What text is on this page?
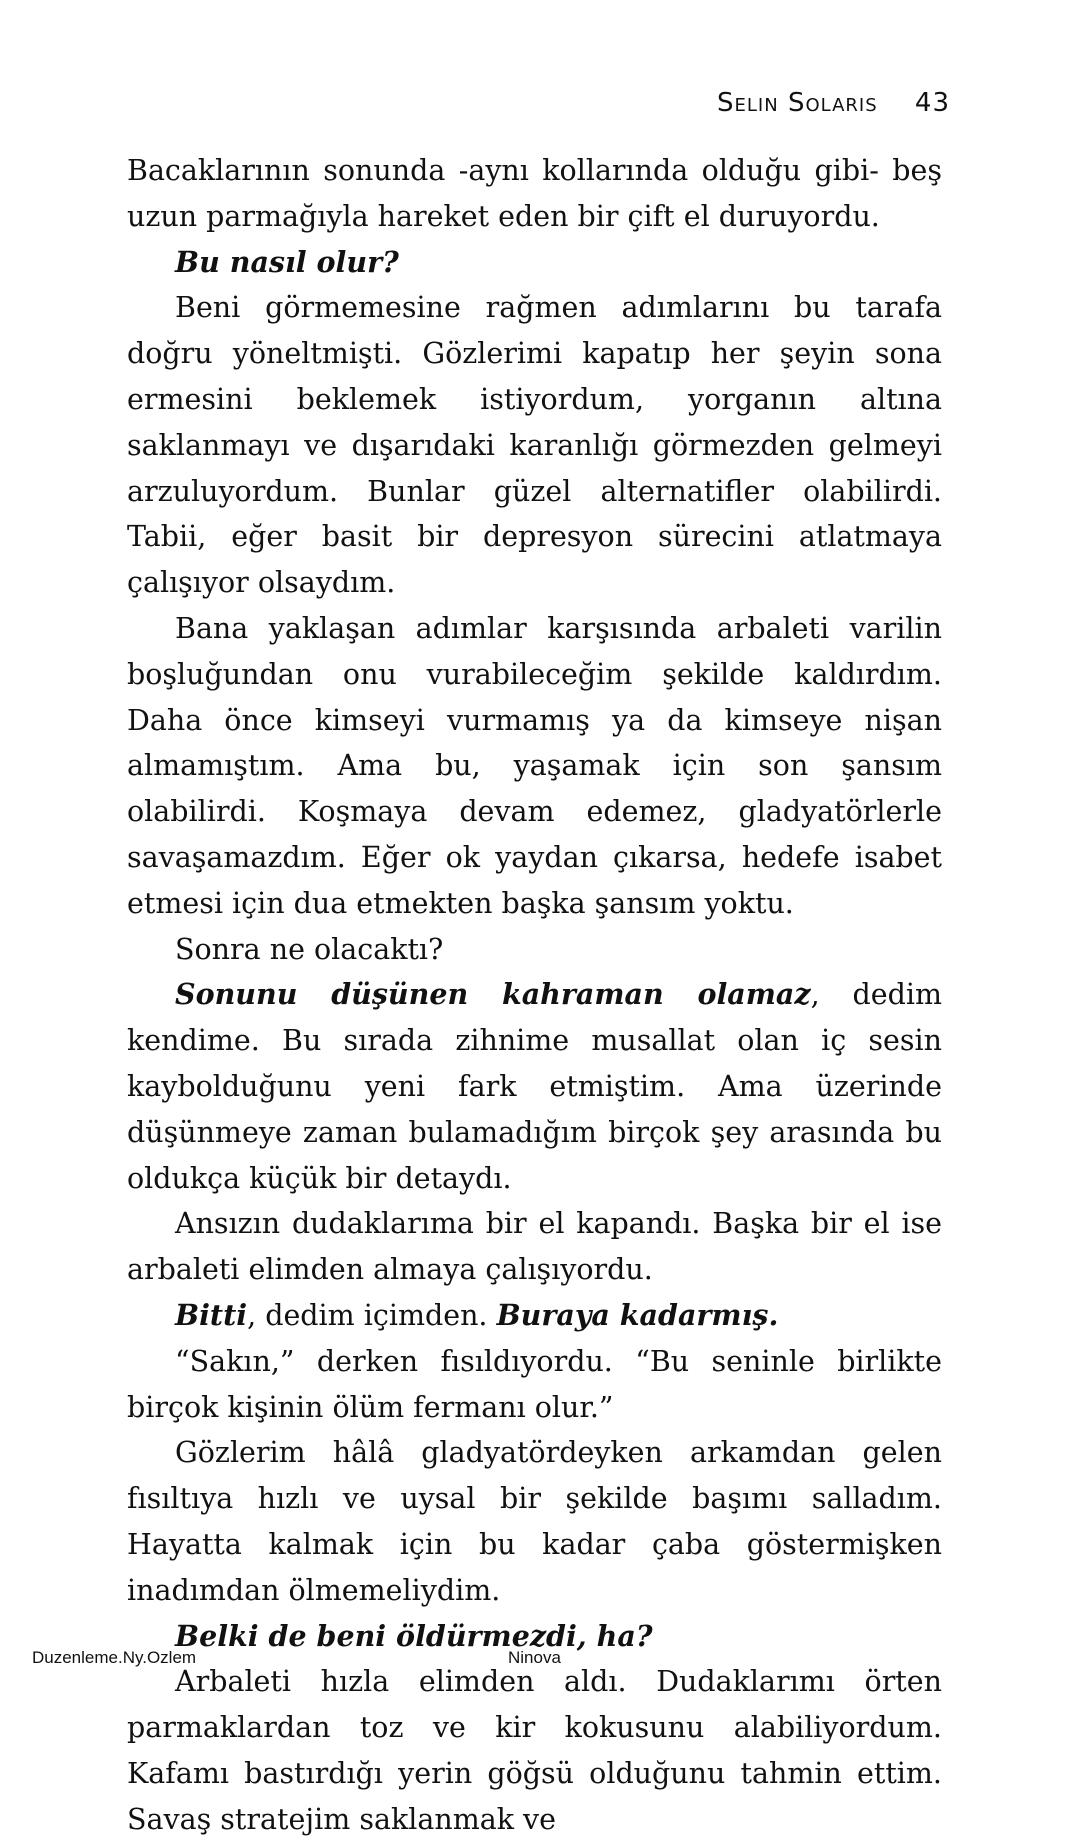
Selin Solaris 43

Bacaklarının sonunda -aynı kollarında olduğu gibi- beş uzun parmağıyla hareket eden bir çift el duruyordu.

Bu nasıl olur?

Beni görmemesine rağmen adımlarını bu tarafa doğru yöneltmişti. Gözlerimi kapatıp her şeyin sona ermesini beklemek istiyordum, yorganın altına saklanmayı ve dışarıdaki karanlığı görmezden gelmeyi arzuluyordum. Bunlar güzel alternatifler olabilirdi. Tabii, eğer basit bir depresyon sürecini atlatmaya çalışıyor olsaydım.

Bana yaklaşan adımlar karşısında arbaleti varilin boşluğundan onu vurabileceğim şekilde kaldırdım. Daha önce kimseyi vurmamış ya da kimseye nişan almamıştım. Ama bu, yaşamak için son şansım olabilirdi. Koşmaya devam edemez, gladyatörlerle savaşamazdım. Eğer ok yaydan çıkarsa, hedefe isabet etmesi için dua etmekten başka şansım yoktu.

Sonra ne olacaktı?

Sonunu düşünen kahraman olamaz, dedim kendime. Bu sırada zihnime musallat olan iç sesin kaybolduğunu yeni fark etmiştim. Ama üzerinde düşünmeye zaman bulamadığım birçok şey arasında bu oldukça küçük bir detaydı.

Ansızın dudaklarıma bir el kapandı. Başka bir el ise arbaleti elimden almaya çalışıyordu.

Bitti, dedim içimden. Buraya kadarmış.

“Sakın,” derken fısıldıyordu. “Bu seninle birlikte birçok kişinin ölüm fermanı olur.”

Gözlerim hâlâ gladyatördeyken arkamdan gelen fısıltıya hızlı ve uysal bir şekilde başımı salladım. Hayatta kalmak için bu kadar çaba göstermişken inadımdan ölmemeliydim.

Belki de beni öldürmezdi, ha?

Arbaleti hızla elimden aldı. Dudaklarımı örten parmaklardan toz ve kir kokusunu alabiliyordum. Kafamı bastırdığı yerin göğsü olduğunu tahmin ettim. Savaş stratejim saklanmak ve

Duzenleme.Ny.Ozlem	Ninova
